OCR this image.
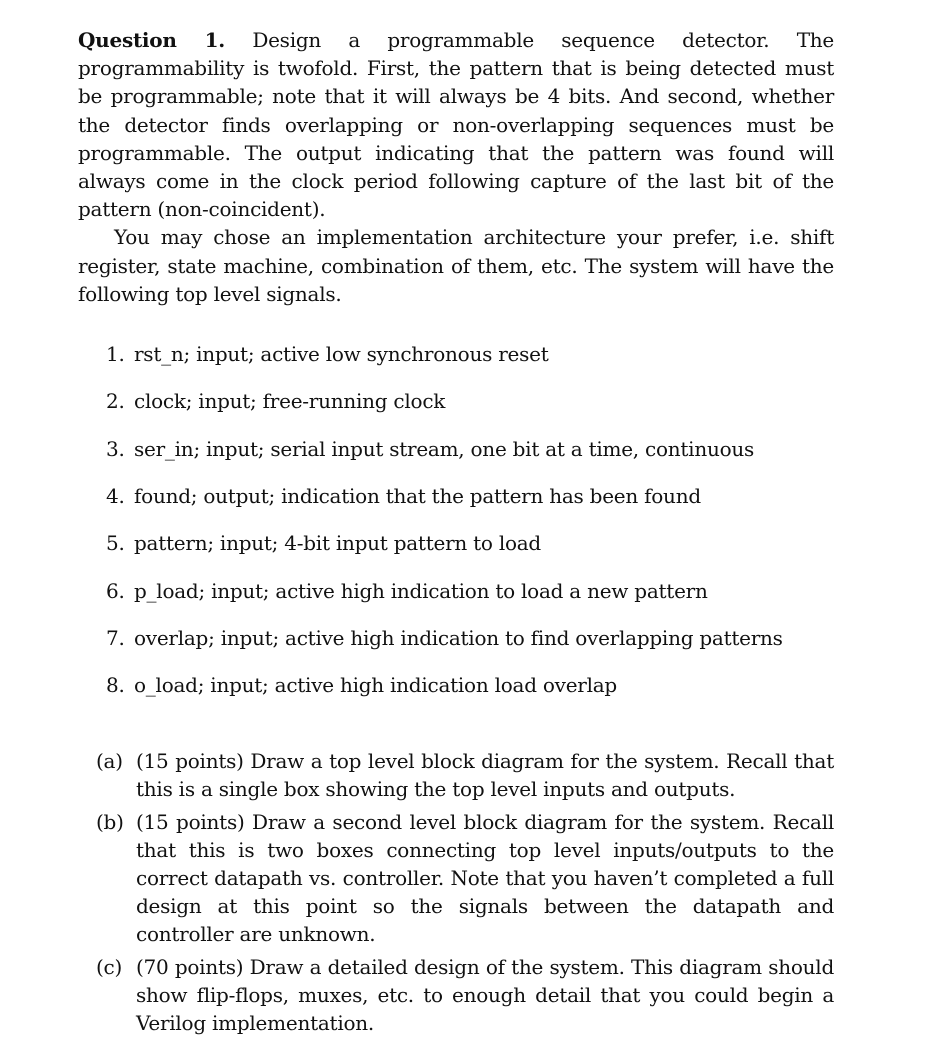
Question 1. Design a programmable sequence detector. The programmability is twofold. First, the pattern that is being detected must be programmable; note that it will always be 4 bits. And second, whether the detector finds overlapping or non-overlapping sequences must be programmable. The output indicating that the pattern was found will always come in the clock period following capture of the last bit of the pattern (non-coincident).

You may chose an implementation architecture your prefer, i.e. shift register, state machine, combination of them, etc. The system will have the following top level signals.

1. rst_n; input; active low synchronous reset
2. clock; input; free-running clock
3. ser_in; input; serial input stream, one bit at a time, continuous
4. found; output; indication that the pattern has been found
5. pattern; input; 4-bit input pattern to load
6. p_load; input; active high indication to load a new pattern
7. overlap; input; active high indication to find overlapping patterns
8. o_load; input; active high indication load overlap
(a) (15 points) Draw a top level block diagram for the system. Recall that this is a single box showing the top level inputs and outputs.
(b) (15 points) Draw a second level block diagram for the system. Recall that this is two boxes connecting top level inputs/outputs to the correct datapath vs. controller. Note that you haven’t completed a full design at this point so the signals between the datapath and controller are unknown.
(c) (70 points) Draw a detailed design of the system. This diagram should show flip-flops, muxes, etc. to enough detail that you could begin a Verilog implementation.
